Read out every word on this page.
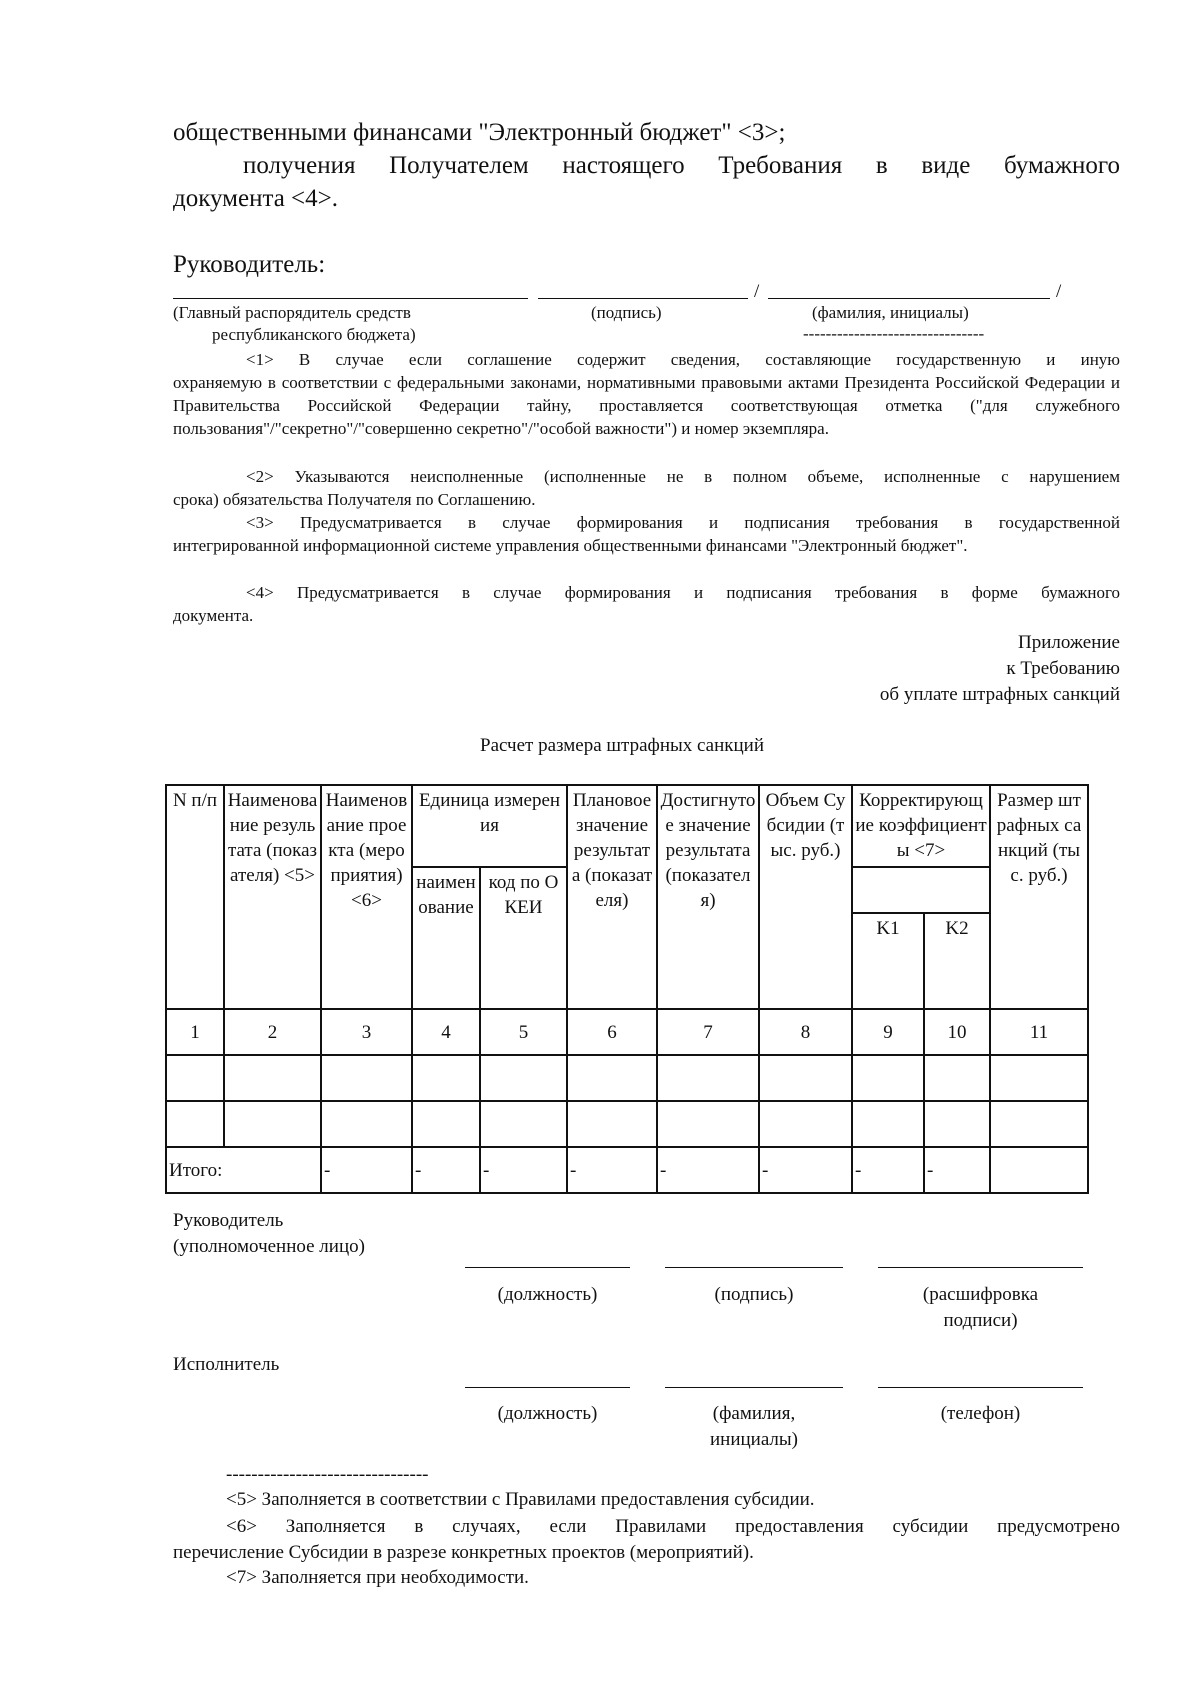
общественными финансами "Электронный бюджет" <3>;
получения Получателем настоящего Требования в виде бумажного
документа <4>.
Руководитель:
/	/
(Главный распорядитель средств
республиканского бюджета)
(подпись)	(фамилия, инициалы)
--------------------------------
<1> В случае если соглашение содержит сведения, составляющие государственную и иную
охраняемую в соответствии с федеральными законами, нормативными правовыми актами Президента Российской Федерации и Правительства Российской Федерации тайну, проставляется соответствующая отметка ("для служебного пользования"/"секретно"/"совершенно секретно"/"особой важности") и номер экземпляра.
<2> Указываются неисполненные (исполненные не в полном объеме, исполненные с нарушением
срока) обязательства Получателя по Соглашению.
<3> Предусматривается в случае формирования и подписания требования в государственной
интегрированной информационной системе управления общественными финансами "Электронный бюджет".
<4> Предусматривается в случае формирования и подписания требования в форме бумажного
документа.
Приложение
к Требованию
об уплате штрафных санкций
Расчет размера штрафных санкций
N п/п	Наименование результата (показателя) <5>	Наименование проекта (мероприятия) <6>	Единица измерения		Плановое значение результата (показателя)	Достигнутое значение результата (показателя)	Объем Субсидии (тыс. руб.)	Корректирующие коэффициенты <7>		Размер штрафных санкций (тыс. руб.)
			наименование	код по ОКЕИ						
								K1	K2	
1	2	3	4	5	6	7	8	9	10	11

Итого:		-	-	-	-	-	-	-	-	
Руководитель
(уполномоченное лицо)
(должность)	(подпись)	(расшифровка подписи)
Исполнитель
(должность)	(фамилия, инициалы)
(телефон)
--------------------------------
<5> Заполняется в соответствии с Правилами предоставления субсидии.
<6> Заполняется в случаях, если Правилами предоставления субсидии предусмотрено
перечисление Субсидии в разрезе конкретных проектов (мероприятий).
<7> Заполняется при необходимости.
